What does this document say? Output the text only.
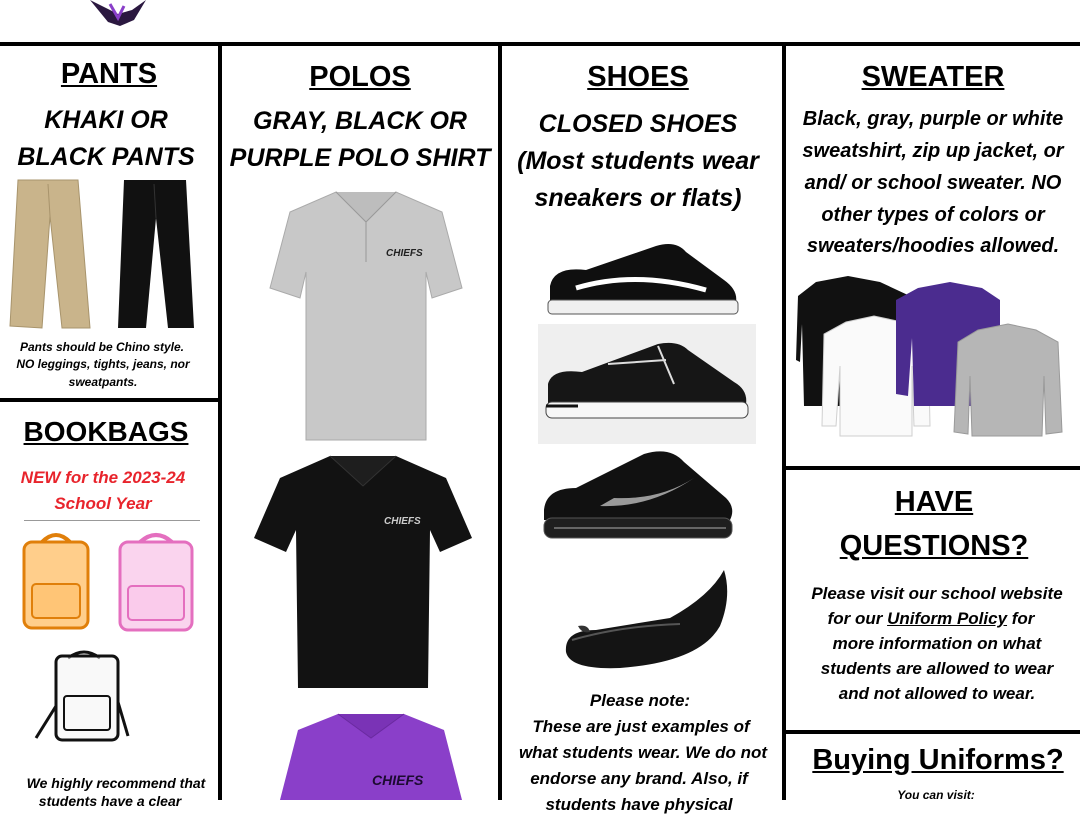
PANTS
KHAKI OR
BLACK PANTS
Pants should be Chino style.
NO leggings, tights, jeans, nor
sweatpants.
BOOKBAGS
NEW for the 2023-24
School Year
We highly recommend that
students have a clear
POLOS
GRAY, BLACK OR
PURPLE POLO SHIRT
CHIEFS
CHIEFS
CHIEFS
SHOES
CLOSED SHOES
(Most students wear
sneakers or flats)
Please note:
These are just examples of
what students wear. We do not
endorse any brand. Also, if
students have physical
SWEATER
Black, gray, purple or white
sweatshirt, zip up jacket, or
and/ or school sweater. NO
other types of colors or
sweaters/hoodies allowed.
HAVE
QUESTIONS?
Please visit our school website
for our Uniform Policy for
more information on what
students are allowed to wear
and not allowed to wear.
Buying Uniforms?
You can visit:
